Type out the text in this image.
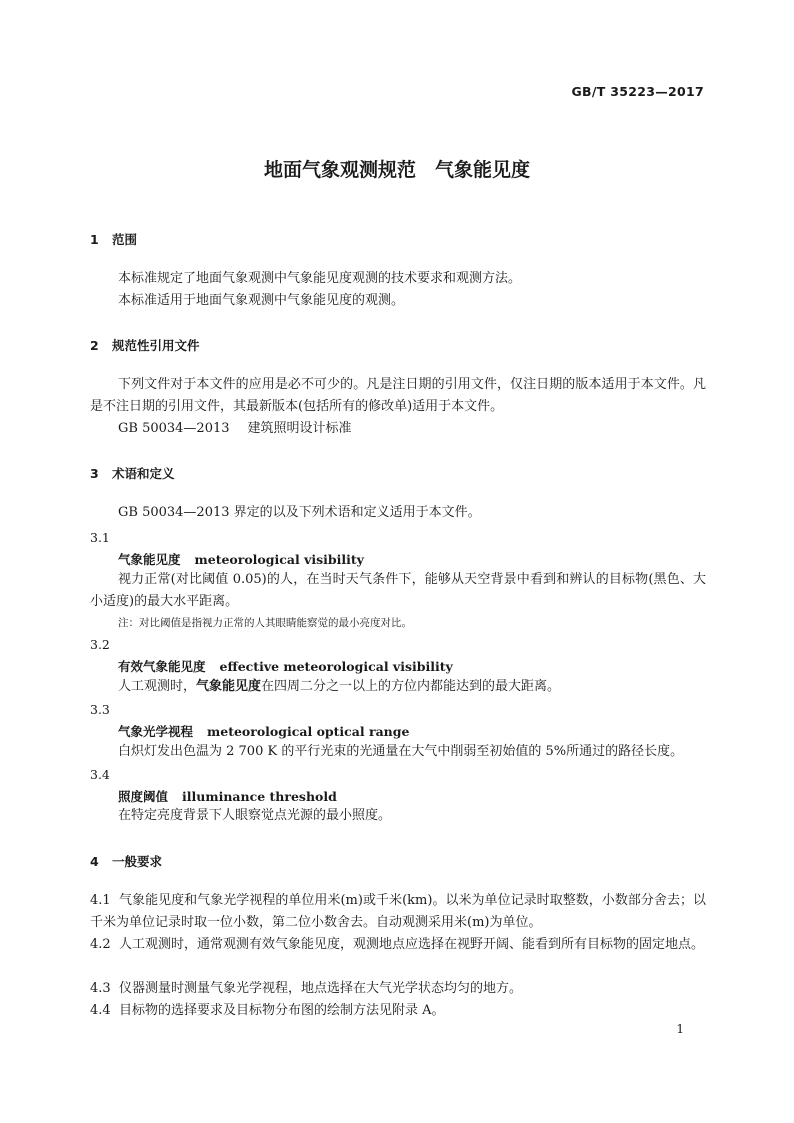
GB/T 35223—2017
地面气象观测规范　气象能见度
1 范围
本标准规定了地面气象观测中气象能见度观测的技术要求和观测方法。
本标准适用于地面气象观测中气象能见度的观测。
2 规范性引用文件
下列文件对于本文件的应用是必不可少的。凡是注日期的引用文件，仅注日期的版本适用于本文件。凡是不注日期的引用文件，其最新版本(包括所有的修改单)适用于本文件。
GB 50034—2013 建筑照明设计标准
3 术语和定义
GB 50034—2013 界定的以及下列术语和定义适用于本文件。
3.1
气象能见度 meteorological visibility
视力正常(对比阈值 0.05)的人，在当时天气条件下，能够从天空背景中看到和辨认的目标物(黑色、大小适度)的最大水平距离。
注：对比阈值是指视力正常的人其眼睛能察觉的最小亮度对比。
3.2
有效气象能见度 effective meteorological visibility
人工观测时，气象能见度在四周二分之一以上的方位内都能达到的最大距离。
3.3
气象光学视程 meteorological optical range
白炽灯发出色温为 2 700 K 的平行光束的光通量在大气中削弱至初始值的 5%所通过的路径长度。
3.4
照度阈值 illuminance threshold
在特定亮度背景下人眼察觉点光源的最小照度。
4 一般要求
4.1 气象能见度和气象光学视程的单位用米(m)或千米(km)。以米为单位记录时取整数，小数部分舍去；以千米为单位记录时取一位小数，第二位小数舍去。自动观测采用米(m)为单位。
4.2 人工观测时，通常观测有效气象能见度，观测地点应选择在视野开阔、能看到所有目标物的固定地点。
4.3 仪器测量时测量气象光学视程，地点选择在大气光学状态均匀的地方。
4.4 目标物的选择要求及目标物分布图的绘制方法见附录 A。
1
